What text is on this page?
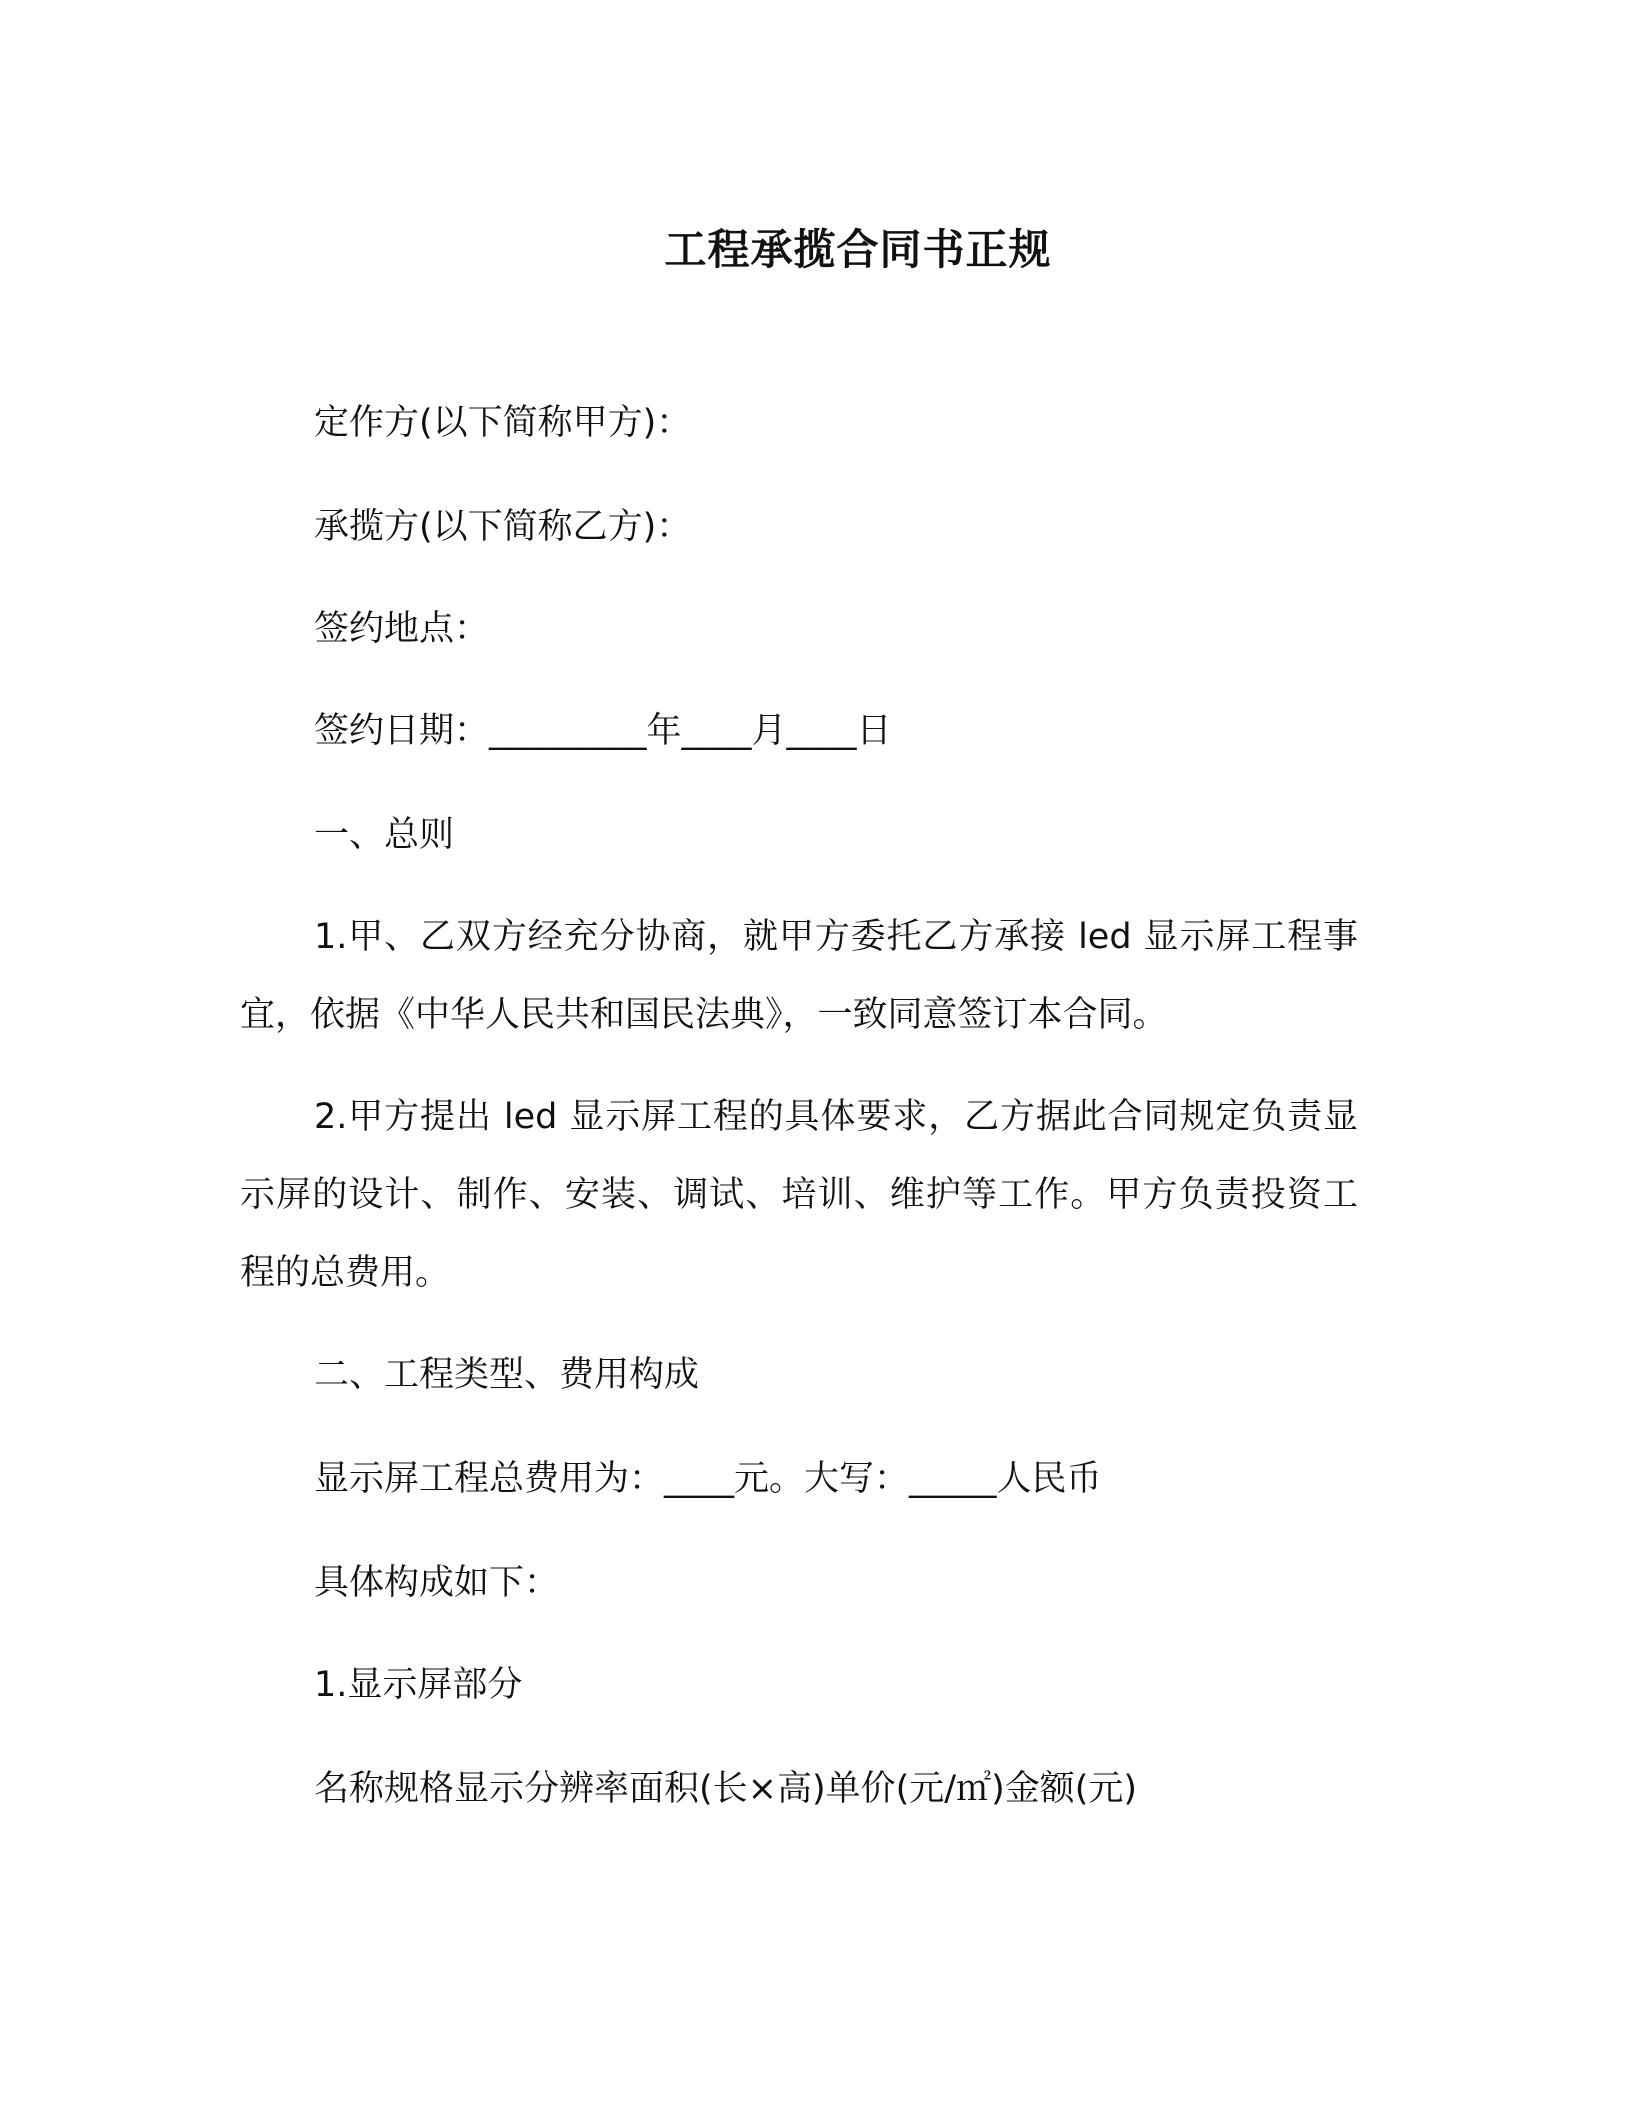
工程承揽合同书正规
定作方(以下简称甲方)：
承揽方(以下简称乙方)：
签约地点：
签约日期：_________年____月____日
一、总则
1.甲、乙双方经充分协商，就甲方委托乙方承接 led 显示屏工程事宜，依据《中华人民共和国民法典》，一致同意签订本合同。
2.甲方提出 led 显示屏工程的具体要求，乙方据此合同规定负责显示屏的设计、制作、安装、调试、培训、维护等工作。甲方负责投资工程的总费用。
二、工程类型、费用构成
显示屏工程总费用为：____元。大写：_____人民币
具体构成如下：
1.显示屏部分
名称规格显示分辨率面积(长×高)单价(元/㎡)金额(元)
